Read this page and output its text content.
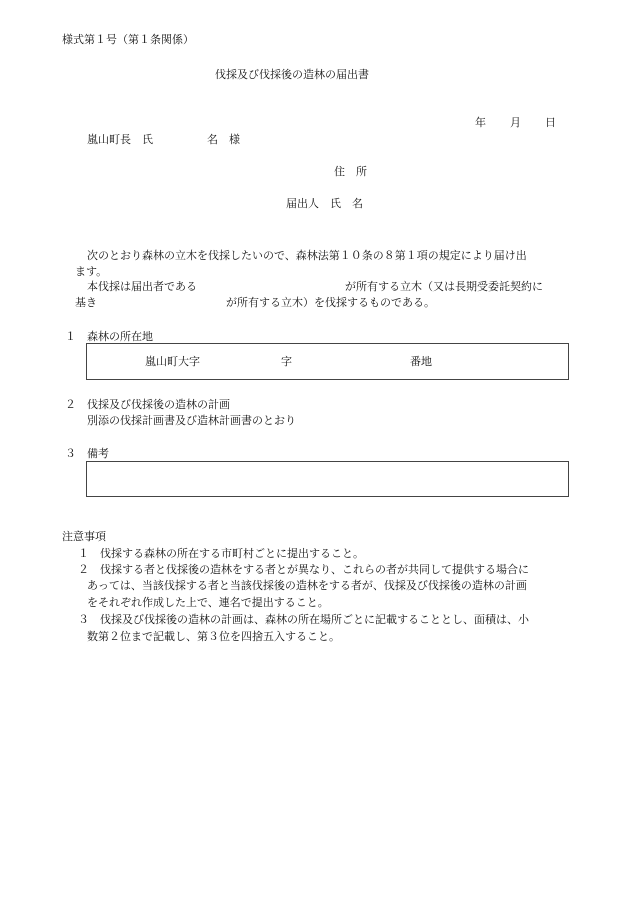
様式第１号（第１条関係）
伐採及び伐採後の造林の届出書
年 月 日
嵐山町長　氏	名　様
住　所
届出人　氏　名
次のとおり森林の立木を伐採したいので、森林法第１０条の８第１項の規定により届け出
ます。
本伐採は届出者である	が所有する立木（又は長期受委託契約に
基き	が所有する立木）を伐採するものである。
１　森林の所在地
嵐山町大字	字	番地
２　伐採及び伐採後の造林の計画
別添の伐採計画書及び造林計画書のとおり
３　備考
注意事項
１　伐採する森林の所在する市町村ごとに提出すること。
２　伐採する者と伐採後の造林をする者とが異なり、これらの者が共同して提供する場合に
あっては、当該伐採する者と当該伐採後の造林をする者が、伐採及び伐採後の造林の計画
をそれぞれ作成した上で、連名で提出すること。
３　伐採及び伐採後の造林の計画は、森林の所在場所ごとに記載することとし、面積は、小
数第２位まで記載し、第３位を四捨五入すること。
